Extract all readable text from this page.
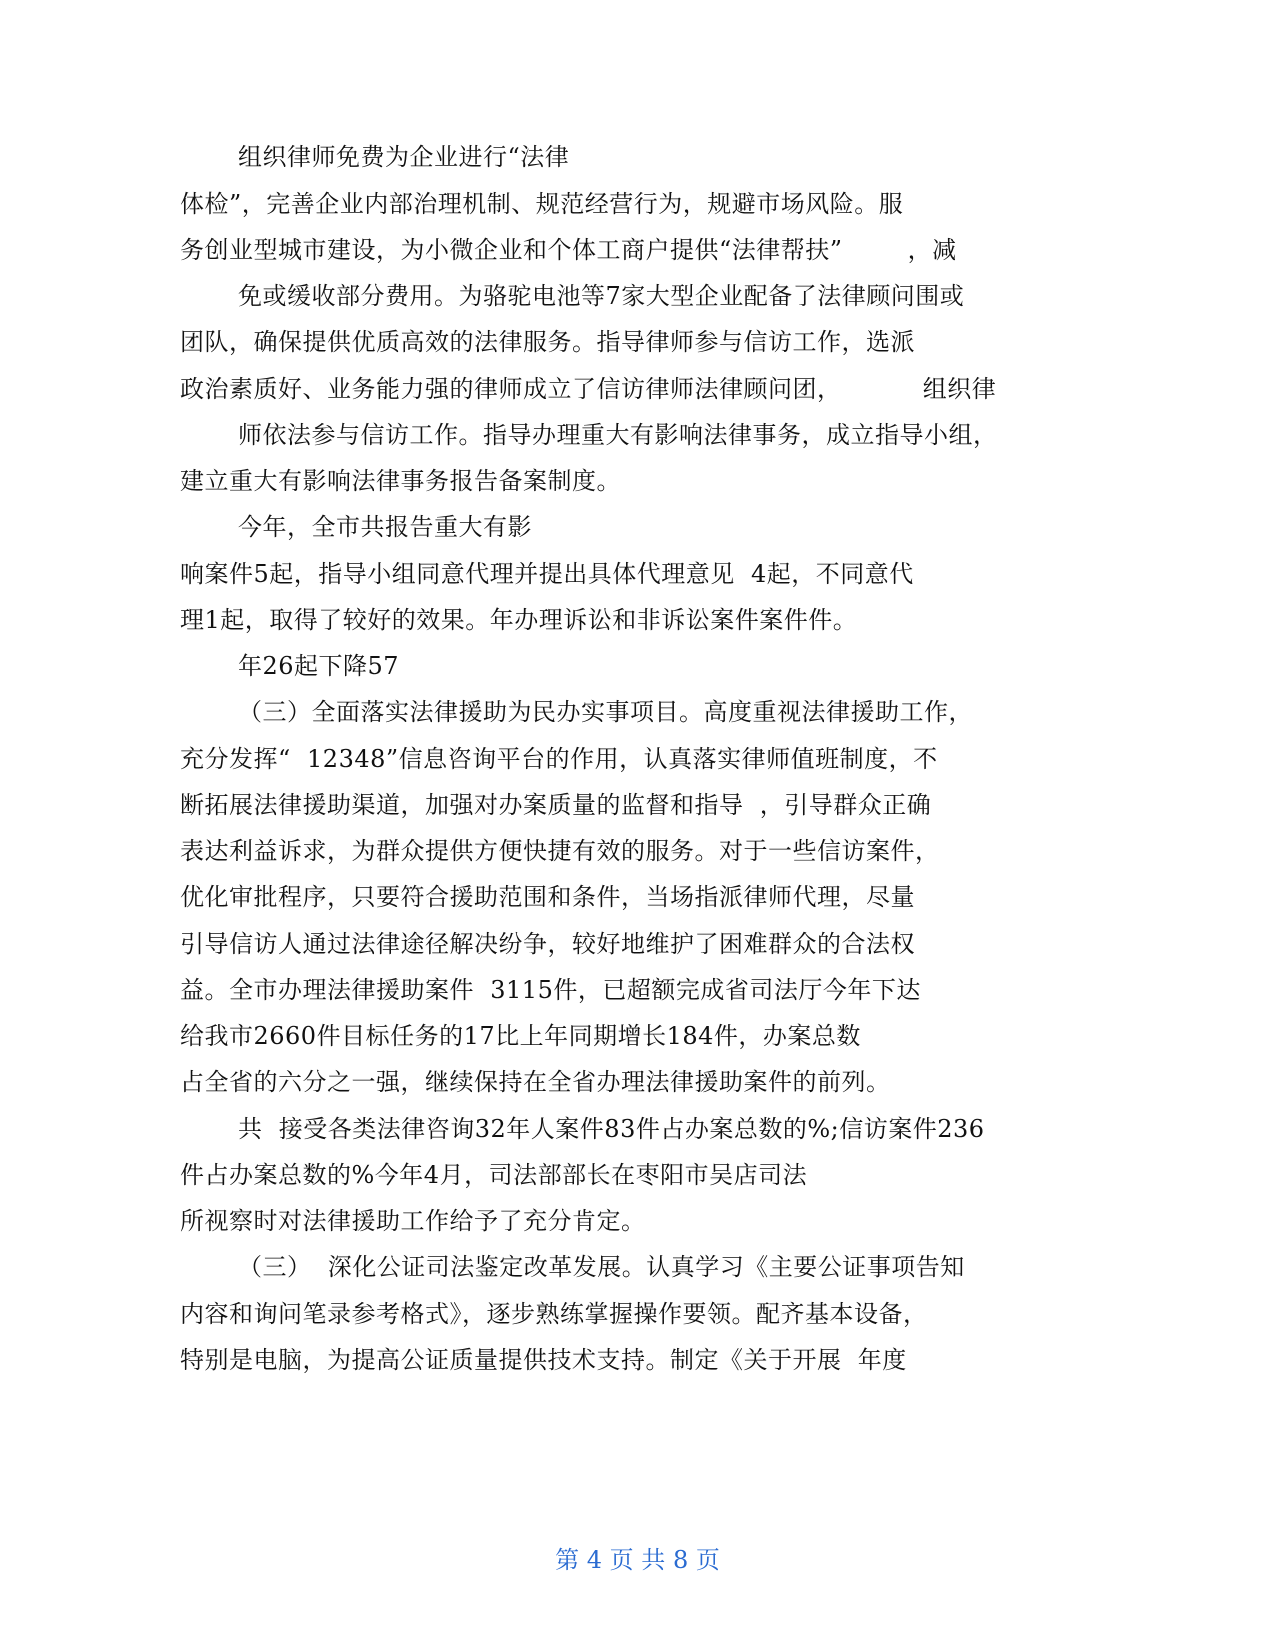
组织律师免费为企业进行“法律
体检”，完善企业内部治理机制、规范经营行为，规避市场风险。服
务创业型城市建设，为小微企业和个体工商户提供“法律帮扶”        ，减
免或缓收部分费用。为骆驼电池等7家大型企业配备了法律顾问围或
团队，确保提供优质高效的法律服务。指导律师参与信访工作，选派
政治素质好、业务能力强的律师成立了信访律师法律顾问团，          组织律
师依法参与信访工作。指导办理重大有影响法律事务，成立指导小组，
建立重大有影响法律事务报告备案制度。
今年，全市共报告重大有影
响案件5起，指导小组同意代理并提出具体代理意见  4起，不同意代
理1起，取得了较好的效果。年办理诉讼和非诉讼案件案件件。
年26起下降57
（三）全面落实法律援助为民办实事项目。高度重视法律援助工作，
充分发挥“  12348”信息咨询平台的作用，认真落实律师值班制度，不
断拓展法律援助渠道，加强对办案质量的监督和指导  ，引导群众正确
表达利益诉求，为群众提供方便快捷有效的服务。对于一些信访案件，
优化审批程序，只要符合援助范围和条件，当场指派律师代理，尽量
引导信访人通过法律途径解决纷争，较好地维护了困难群众的合法权
益。全市办理法律援助案件  3115件，已超额完成省司法厅今年下达
给我市2660件目标任务的17比上年同期增长184件，办案总数
占全省的六分之一强，继续保持在全省办理法律援助案件的前列。
共  接受各类法律咨询32年人案件83件占办案总数的%;信访案件236
件占办案总数的%今年4月，司法部部长在枣阳市吴店司法
所视察时对法律援助工作给予了充分肯定。
（三）  深化公证司法鉴定改革发展。认真学习《主要公证事项告知
内容和询问笔录参考格式》，逐步熟练掌握操作要领。配齐基本设备，
特别是电脑，为提高公证质量提供技术支持。制定《关于开展  年度
第 4 页 共 8 页
